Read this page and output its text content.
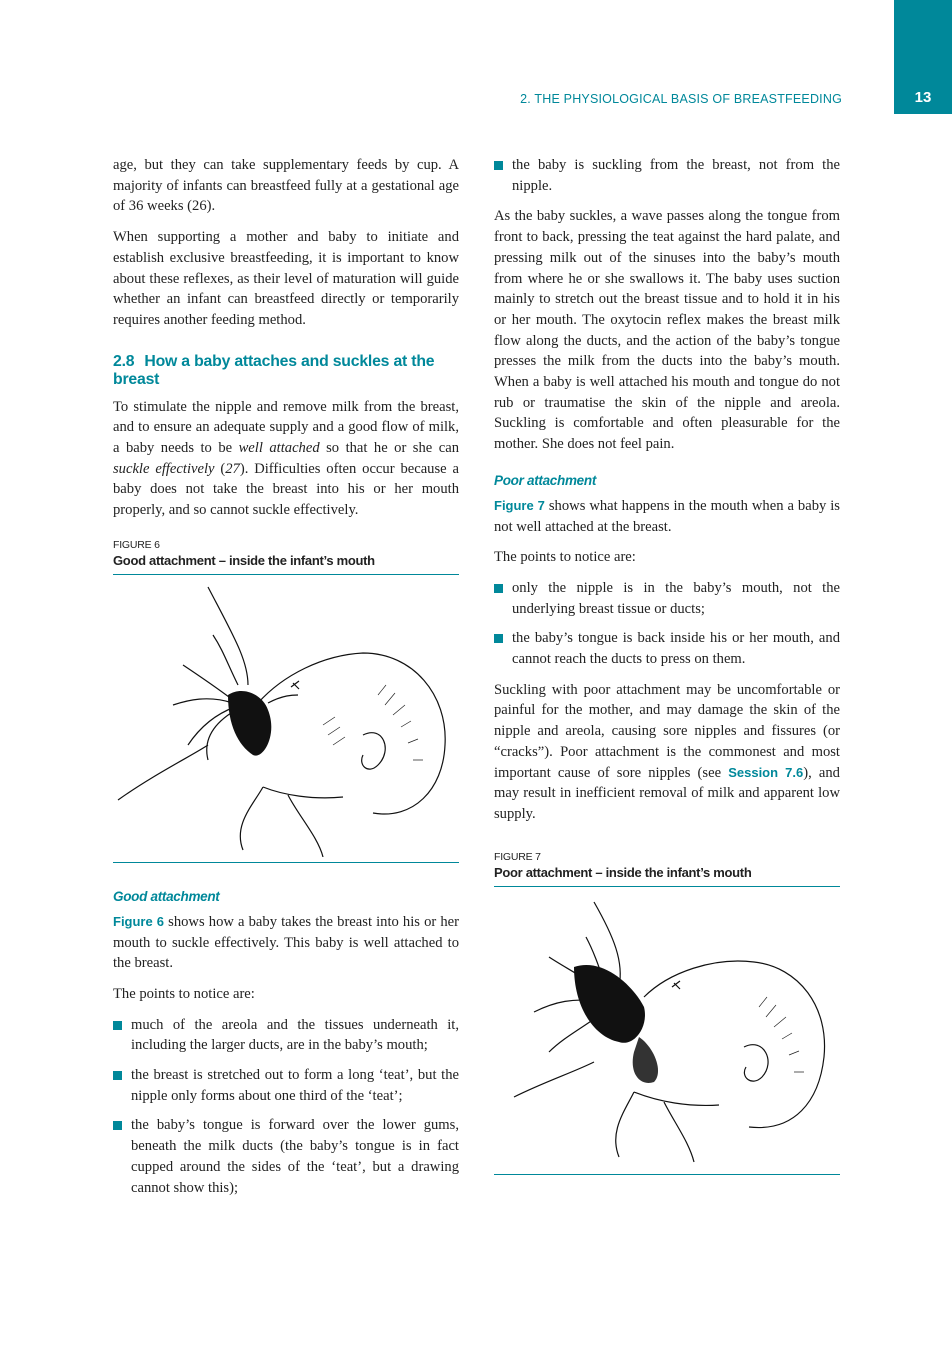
2. THE PHYSIOLOGICAL BASIS OF BREASTFEEDING	13

age, but they can take supplementary feeds by cup. A majority of infants can breastfeed fully at a gestational age of 36 weeks (26).

When supporting a mother and baby to initiate and establish exclusive breastfeeding, it is important to know about these reflexes, as their level of maturation will guide whether an infant can breastfeed directly or temporarily requires another feeding method.

2.8 How a baby attaches and suckles at the breast

To stimulate the nipple and remove milk from the breast, and to ensure an adequate supply and a good flow of milk, a baby needs to be well attached so that he or she can suckle effectively (27). Difficulties often occur because a baby does not take the breast into his or her mouth properly, and so cannot suckle effectively.

FIGURE 6
Good attachment – inside the infant’s mouth
Good attachment

Figure 6 shows how a baby takes the breast into his or her mouth to suckle effectively. This baby is well attached to the breast.

The points to notice are:

much of the areola and the tissues underneath it, including the larger ducts, are in the baby’s mouth;
the breast is stretched out to form a long ‘teat’, but the nipple only forms about one third of the ‘teat’;
the baby’s tongue is forward over the lower gums, beneath the milk ducts (the baby’s tongue is in fact cupped around the sides of the ‘teat’, but a drawing cannot show this);
the baby is suckling from the breast, not from the nipple.

As the baby suckles, a wave passes along the tongue from front to back, pressing the teat against the hard palate, and pressing milk out of the sinuses into the baby’s mouth from where he or she swallows it. The baby uses suction mainly to stretch out the breast tissue and to hold it in his or her mouth. The oxytocin reflex makes the breast milk flow along the ducts, and the action of the baby’s tongue presses the milk from the ducts into the baby’s mouth. When a baby is well attached his mouth and tongue do not rub or traumatise the skin of the nipple and areola. Suckling is comfortable and often pleasurable for the mother. She does not feel pain.

Poor attachment

Figure 7 shows what happens in the mouth when a baby is not well attached at the breast.

The points to notice are:

only the nipple is in the baby’s mouth, not the underlying breast tissue or ducts;
the baby’s tongue is back inside his or her mouth, and cannot reach the ducts to press on them.

Suckling with poor attachment may be uncomfortable or painful for the mother, and may damage the skin of the nipple and areola, causing sore nipples and fissures (or “cracks”). Poor attachment is the commonest and most important cause of sore nipples (see Session 7.6), and may result in inefficient removal of milk and apparent low supply.

FIGURE 7
Poor attachment – inside the infant’s mouth
